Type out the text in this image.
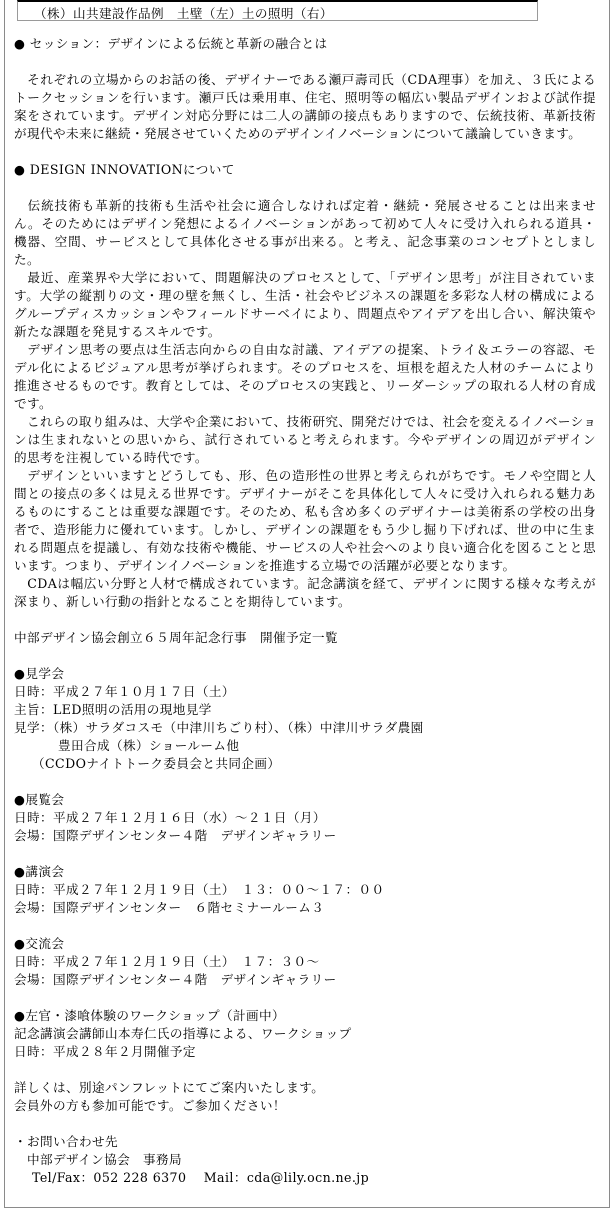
（株）山共建設作品例　土壁（左）土の照明（右）
● セッション：デザインによる伝統と革新の融合とは
　それぞれの立場からのお話の後、デザイナーである瀬戸壽司氏（CDA理事）を加え、３氏による
トークセッションを行います。瀬戸氏は乗用車、住宅、照明等の幅広い製品デザインおよび試作提
案をされています。デザイン対応分野には二人の講師の接点もありますので、伝統技術、革新技術
が現代や未来に継続・発展させていくためのデザインイノベーションについて議論していきます。
● DESIGN INNOVATIONについて
　伝統技術も革新的技術も生活や社会に適合しなければ定着・継続・発展させることは出来ませ
ん。そのためにはデザイン発想によるイノベーションがあって初めて人々に受け入れられる道具・
機器、空間、サービスとして具体化させる事が出来る。と考え、記念事業のコンセプトとしまし
た。
　最近、産業界や大学において、問題解決のプロセスとして、「デザイン思考」が注目されていま
す。大学の縦割りの文・理の壁を無くし、生活・社会やビジネスの課題を多彩な人材の構成による
グループディスカッションやフィールドサーベイにより、問題点やアイデアを出し合い、解決策や
新たな課題を発見するスキルです。
　デザイン思考の要点は生活志向からの自由な討議、アイデアの提案、トライ＆エラーの容認、モ
デル化によるビジュアル思考が挙げられます。そのプロセスを、垣根を超えた人材のチームにより
推進させるものです。教育としては、そのプロセスの実践と、リーダーシップの取れる人材の育成
です。
　これらの取り組みは、大学や企業において、技術研究、開発だけでは、社会を変えるイノベーショ
ンは生まれないとの思いから、試行されていると考えられます。今やデザインの周辺がデザイン
的思考を注視している時代です。
　デザインといいますとどうしても、形、色の造形性の世界と考えられがちです。モノや空間と人
間との接点の多くは見える世界です。デザイナーがそこを具体化して人々に受け入れられる魅力あ
るものにすることは重要な課題です。そのため、私も含め多くのデザイナーは美術系の学校の出身
者で、造形能力に優れています。しかし、デザインの課題をもう少し掘り下げれば、世の中に生ま
れる問題点を提議し、有効な技術や機能、サービスの人や社会へのより良い適合化を図ることと思
います。つまり、デザインイノベーションを推進する立場での活躍が必要となります。
　CDAは幅広い分野と人材で構成されています。記念講演を経て、デザインに関する様々な考えが
深まり、新しい行動の指針となることを期待しています。
中部デザイン協会創立６５周年記念行事　開催予定一覧
●見学会
日時：平成２７年１０月１７日（土）
主旨：LED照明の活用の現地見学
見学：（株）サラダコスモ（中津川ちごり村）、（株）中津川サラダ農園
豊田合成（株）ショールーム他
（CCDOナイトトーク委員会と共同企画）
●展覧会
日時：平成２７年１２月１６日（水）～２１日（月）
会場：国際デザインセンター４階　デザインギャラリー
●講演会
日時：平成２７年１２月１９日（土）　１３：００～１７：００
会場：国際デザインセンター　６階セミナールーム３
●交流会
日時：平成２７年１２月１９日（土）　１７：３０～
会場：国際デザインセンター４階　デザインギャラリー
●左官・漆喰体験のワークショップ（計画中）
記念講演会講師山本寿仁氏の指導による、ワークショップ
日時：平成２８年２月開催予定
詳しくは、別途パンフレットにてご案内いたします。
会員外の方も参加可能です。ご参加ください！
・お問い合わせ先
中部デザイン協会　事務局
Tel/Fax：052 228 6370　 Mail：cda@lily.ocn.ne.jp
